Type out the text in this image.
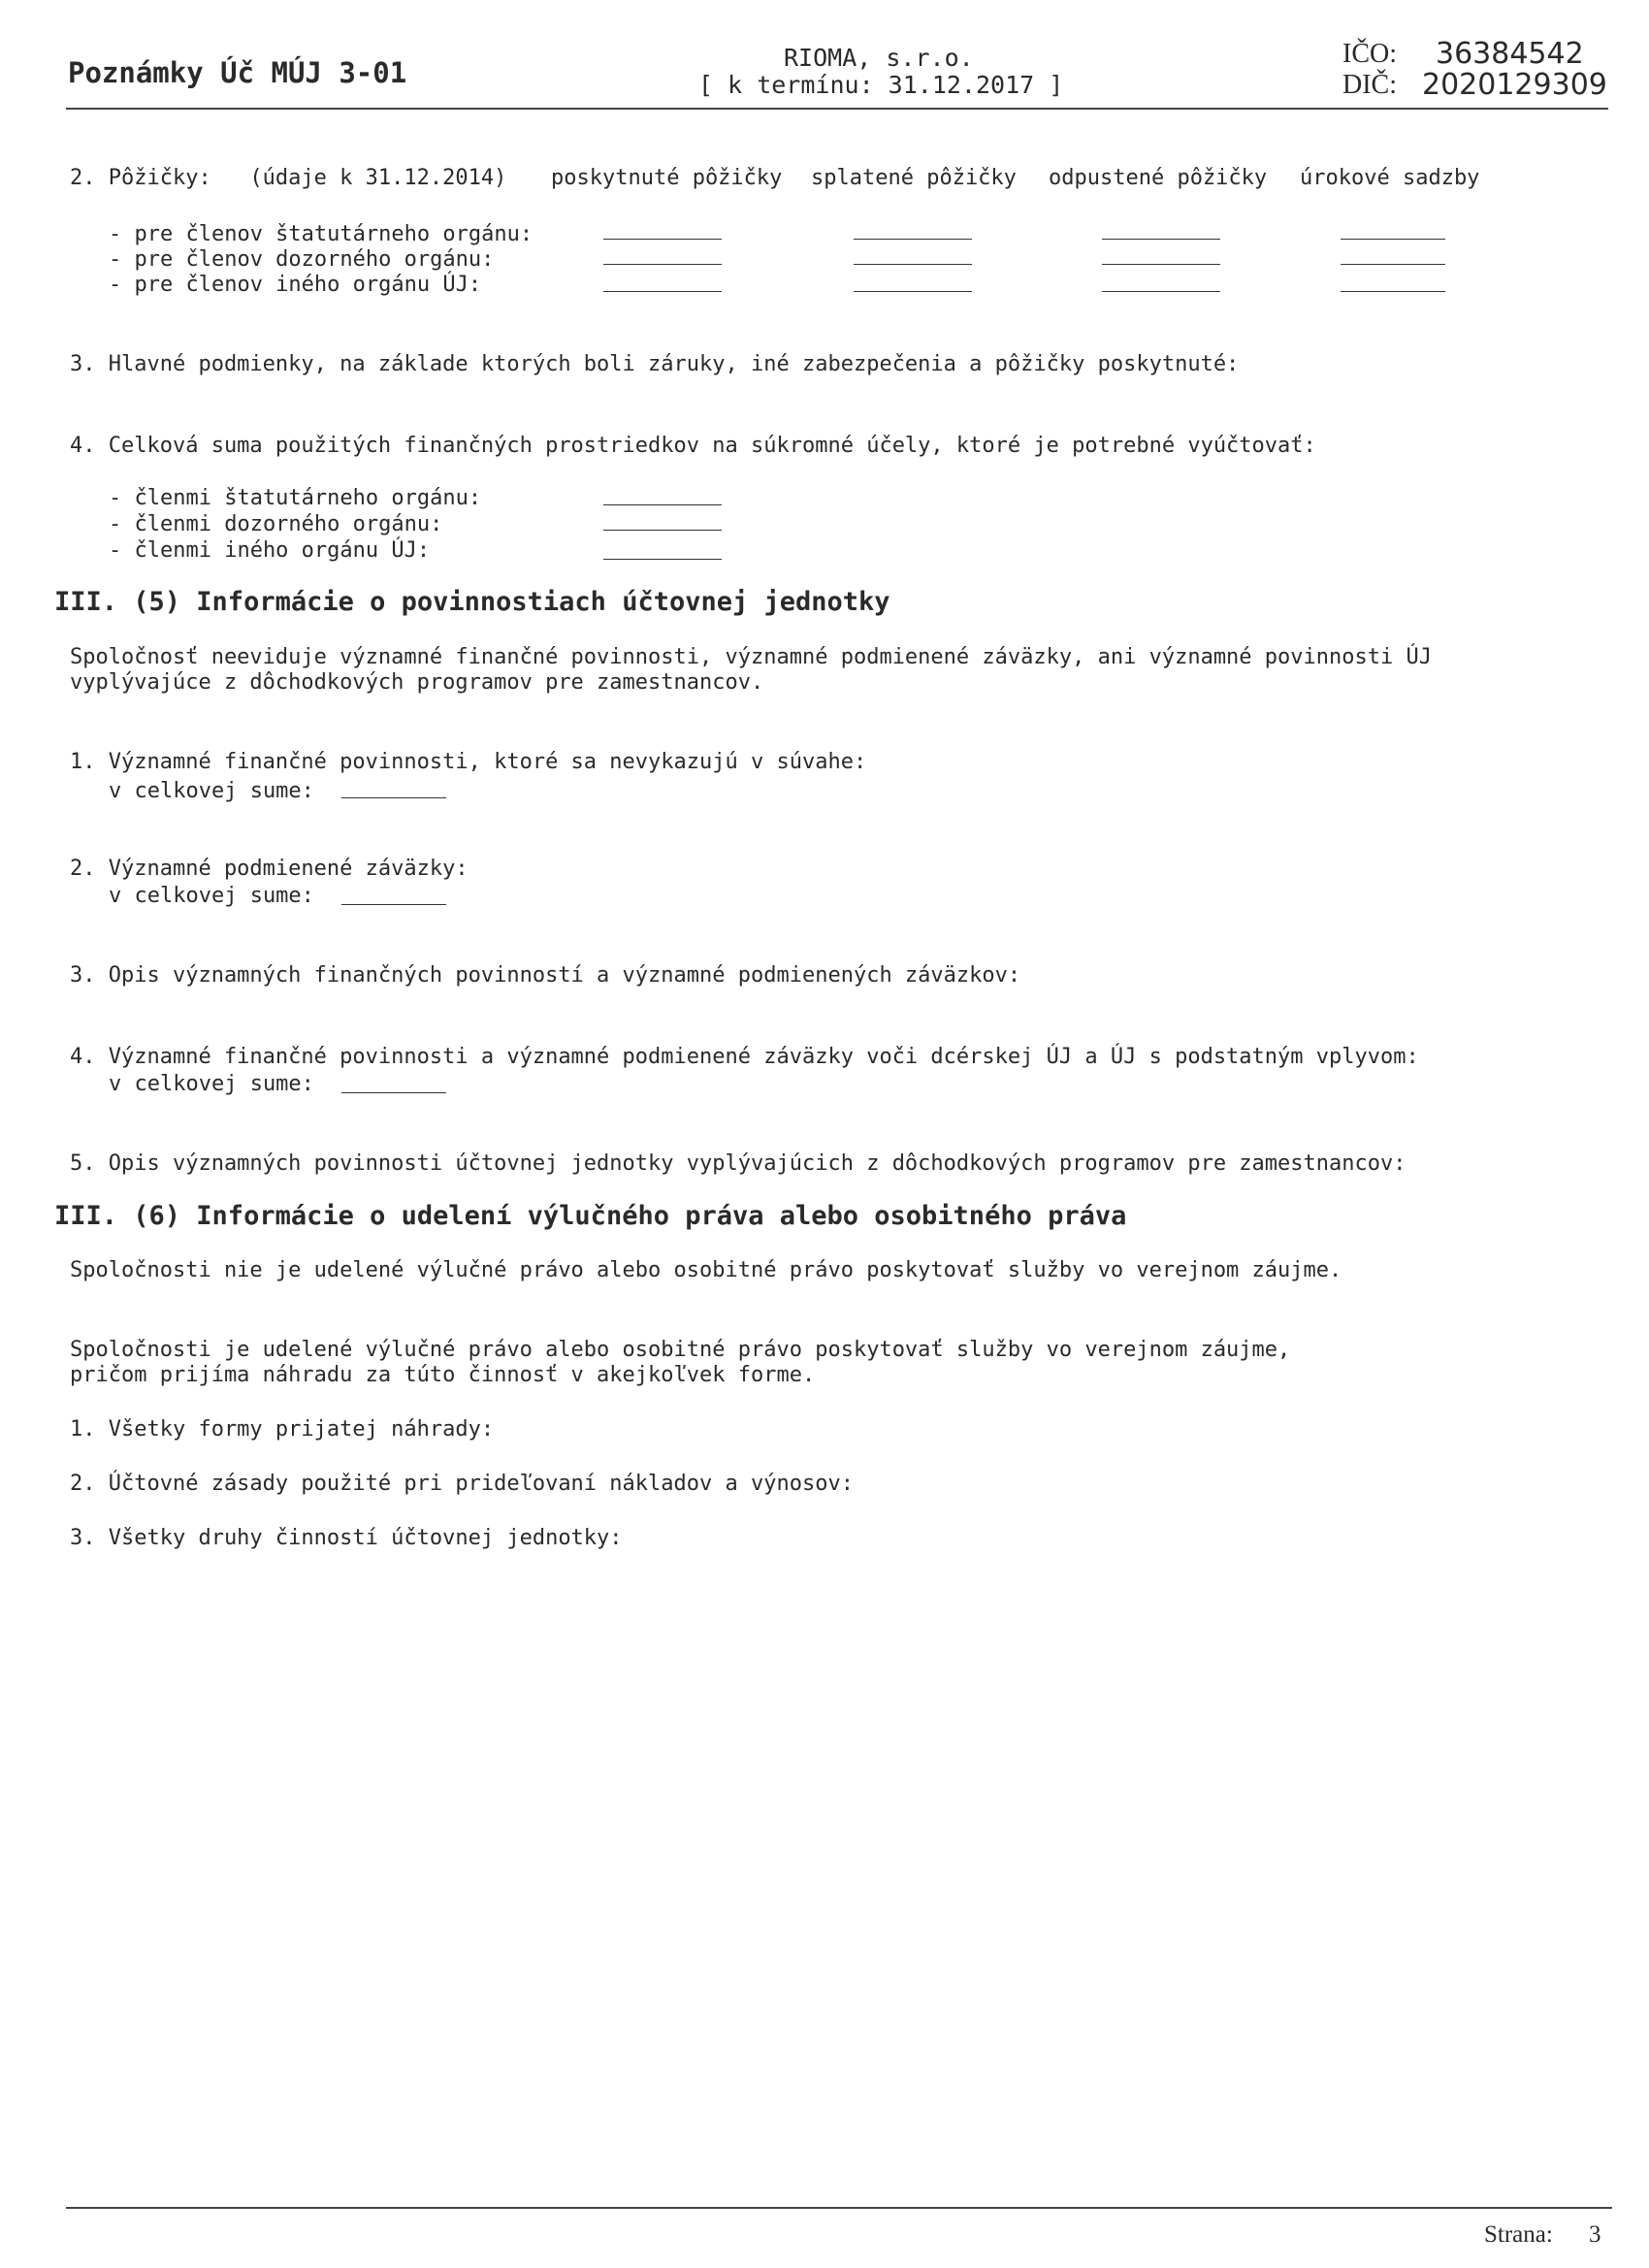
Poznámky Úč MÚJ 3-01	RIOMA, s.r.o.
[ k termínu: 31.12.2017 ]
IČO: 36384542
DIČ: 2020129309
2. Pôžičky:   (údaje k 31.12.2014) poskytnuté pôžičky splatené pôžičky odpustené pôžičky úrokové sadzby
- pre členov štatutárneho orgánu:
- pre členov dozorného orgánu:
- pre členov iného orgánu ÚJ:
3. Hlavné podmienky, na základe ktorých boli záruky, iné zabezpečenia a pôžičky poskytnuté:
4. Celková suma použitých finančných prostriedkov na súkromné účely, ktoré je potrebné vyúčtovať:
- členmi štatutárneho orgánu:
- členmi dozorného orgánu:
- členmi iného orgánu ÚJ:
III. (5) Informácie o povinnostiach účtovnej jednotky
Spoločnosť neeviduje významné finančné povinnosti, významné podmienené záväzky, ani významné povinnosti ÚJ
vyplývajúce z dôchodkových programov pre zamestnancov.
1. Významné finančné povinnosti, ktoré sa nevykazujú v súvahe:
v celkovej sume:
2. Významné podmienené záväzky:
v celkovej sume:
3. Opis významných finančných povinností a významné podmienených záväzkov:
4. Významné finančné povinnosti a významné podmienené záväzky voči dcérskej ÚJ a ÚJ s podstatným vplyvom:
v celkovej sume:
5. Opis významných povinnosti účtovnej jednotky vyplývajúcich z dôchodkových programov pre zamestnancov:
III. (6) Informácie o udelení výlučného práva alebo osobitného práva
Spoločnosti nie je udelené výlučné právo alebo osobitné právo poskytovať služby vo verejnom záujme.
Spoločnosti je udelené výlučné právo alebo osobitné právo poskytovať služby vo verejnom záujme,
pričom prijíma náhradu za túto činnosť v akejkoľvek forme.
1. Všetky formy prijatej náhrady:
2. Účtovné zásady použité pri prideľovaní nákladov a výnosov:
3. Všetky druhy činností účtovnej jednotky:
Strana: 3
